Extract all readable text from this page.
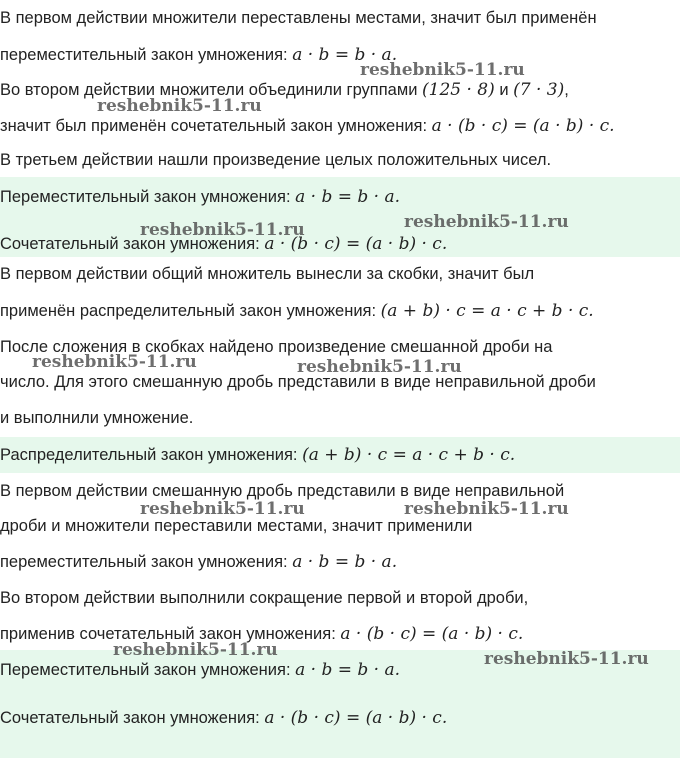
В первом действии множители переставлены местами, значит был применён
переместительный закон умножения: a · b = b · a.
Во втором действии множители объединили группами (125 · 8) и (7 · 3),
значит был применён сочетательный закон умножения: a · (b · c) = (a · b) · c.
В третьем действии нашли произведение целых положительных чисел.
Переместительный закон умножения: a · b = b · a.
Сочетательный закон умножения: a · (b · c) = (a · b) · c.
В первом действии общий множитель вынесли за скобки, значит был
применён распределительный закон умножения: (a + b) · c = a · c + b · c.
После сложения в скобках найдено произведение смешанной дроби на
число. Для этого смешанную дробь представили в виде неправильной дроби
и выполнили умножение.
Распределительный закон умножения: (a + b) · c = a · c + b · c.
В первом действии смешанную дробь представили в виде неправильной
дроби и множители переставили местами, значит применили
переместительный закон умножения: a · b = b · a.
Во втором действии выполнили сокращение первой и второй дроби,
применив сочетательный закон умножения: a · (b · c) = (a · b) · c.
Переместительный закон умножения: a · b = b · a.
Сочетательный закон умножения: a · (b · c) = (a · b) · c.
reshebnik5-11.ru
reshebnik5-11.ru
reshebnik5-11.ru	reshebnik5-11.ru
reshebnik5-11.ru	reshebnik5-11.ru
reshebnik5-11.ru	reshebnik5-11.ru
reshebnik5-11.ru	reshebnik5-11.ru
